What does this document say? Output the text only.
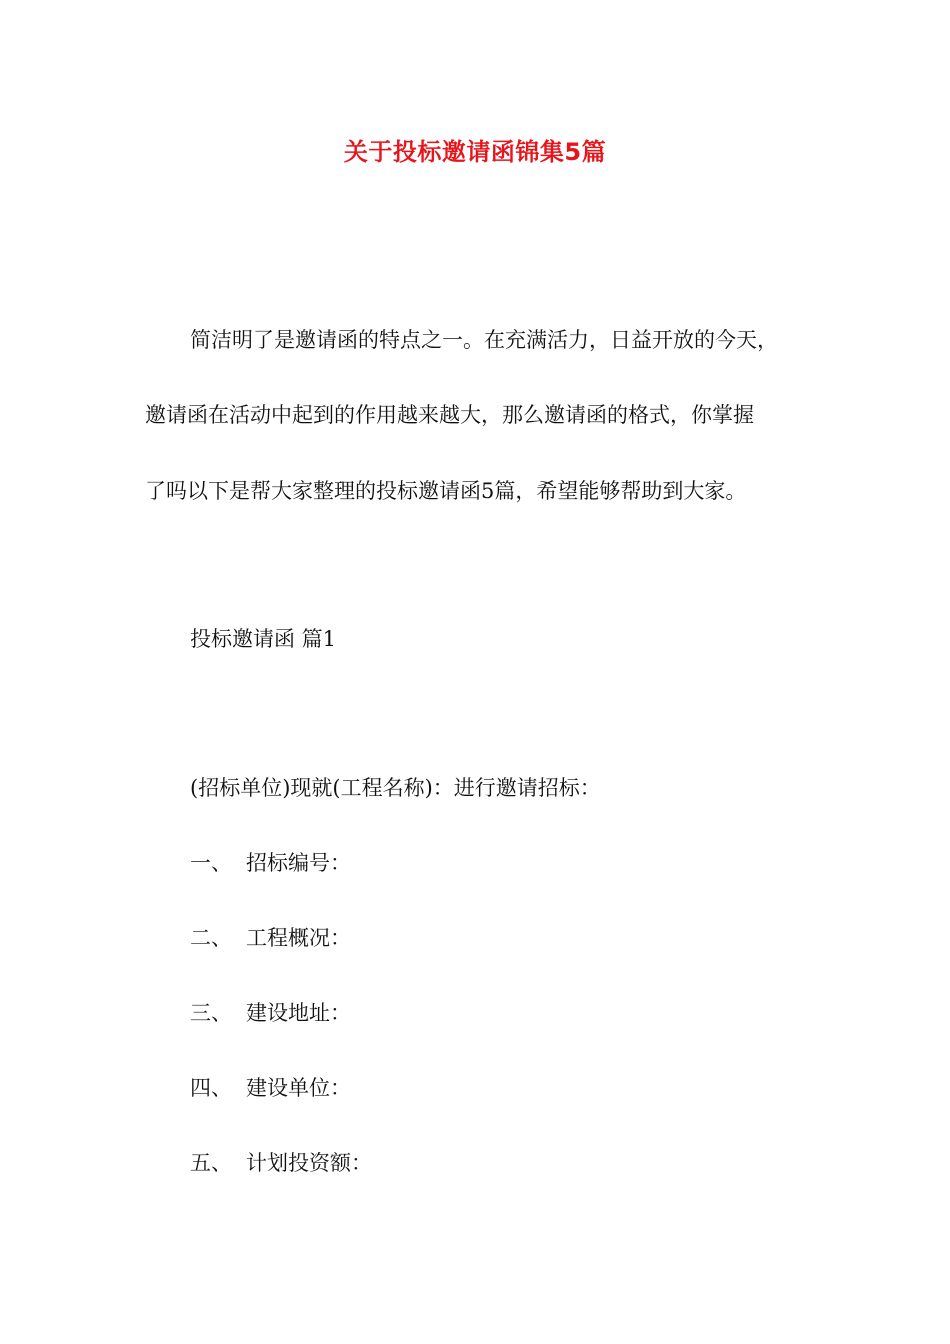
关于投标邀请函锦集5篇
简洁明了是邀请函的特点之一。在充满活力，日益开放的今天，
邀请函在活动中起到的作用越来越大，那么邀请函的格式，你掌握
了吗以下是帮大家整理的投标邀请函5篇，希望能够帮助到大家。
投标邀请函 篇1
(招标单位)现就(工程名称)：进行邀请招标：
一、 招标编号：
二、 工程概况：
三、 建设地址：
四、 建设单位：
五、 计划投资额：
